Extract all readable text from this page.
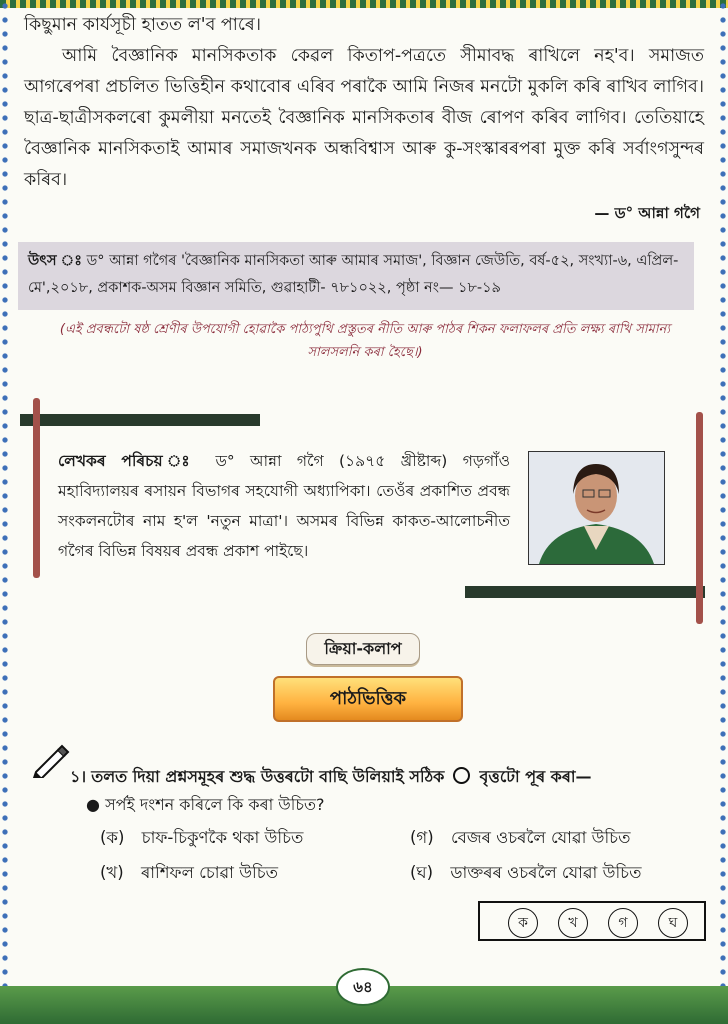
কিছুমান কাৰ্যসূচী হাতত ল'ব পাৰে।

আমি বৈজ্ঞানিক মানসিকতাক কেৱল কিতাপ-পত্ৰতে সীমাবদ্ধ ৰাখিলে নহ'ব। সমাজত আগৰেপৰা প্ৰচলিত ভিত্তিহীন কথাবোৰ এৰিব পৰাকৈ আমি নিজৰ মনটো মুকলি কৰি ৰাখিব লাগিব। ছাত্ৰ-ছাত্ৰীসকলৰো কুমলীয়া মনতেই বৈজ্ঞানিক মানসিকতাৰ বীজ ৰোপণ কৰিব লাগিব। তেতিয়াহে বৈজ্ঞানিক মানসিকতাই আমাৰ সমাজখনক অন্ধবিশ্বাস আৰু কু-সংস্কাৰৰপৰা মুক্ত কৰি সৰ্বাংগসুন্দৰ কৰিব।

— ড° আন্না গগৈ
উৎস ঃ ড° আন্না গগৈৰ 'বৈজ্ঞানিক মানসিকতা আৰু আমাৰ সমাজ', বিজ্ঞান জেউতি, বৰ্ষ-৫২, সংখ্যা-৬, এপ্ৰিল-মে',২০১৮, প্ৰকাশক-অসম বিজ্ঞান সমিতি, গুৱাহাটী- ৭৮১০২২, পৃষ্ঠা নং— ১৮-১৯
(এই প্ৰবন্ধটো ষষ্ঠ শ্ৰেণীৰ উপযোগী হোৱাকৈ পাঠ্যপুথি প্ৰস্তুতৰ নীতি আৰু পাঠৰ শিকন ফলাফলৰ প্ৰতি লক্ষ্য ৰাখি সামান্য সালসলনি কৰা হৈছে।)
লেখকৰ পৰিচয় ঃ ড° আন্না গগৈ (১৯৭৫ খ্ৰীষ্টাব্দ) গড়গাঁও মহাবিদ্যালয়ৰ ৰসায়ন বিভাগৰ সহযোগী অধ্যাপিকা। তেওঁৰ প্ৰকাশিত প্ৰবন্ধ সংকলনটোৰ নাম হ'ল 'নতুন মাত্ৰা'। অসমৰ বিভিন্ন কাকত-আলোচনীত গগৈৰ বিভিন্ন বিষয়ৰ প্ৰবন্ধ প্ৰকাশ পাইছে।
ক্ৰিয়া-কলাপ
পাঠভিত্তিক
১। তলত দিয়া প্ৰশ্নসমূহৰ শুদ্ধ উত্তৰটো বাছি উলিয়াই সঠিক বৃত্তটো পূৰ কৰা—
● সৰ্পই দংশন কৰিলে কি কৰা উচিত?
(ক) চাফ-চিকুণকৈ থকা উচিত
(খ) ৰাশিফল চোৱা উচিত
(গ) বেজৰ ওচৰলৈ যোৱা উচিত
(ঘ) ডাক্তৰৰ ওচৰলৈ যোৱা উচিত
ক	খ	গ	ঘ
৬৪
